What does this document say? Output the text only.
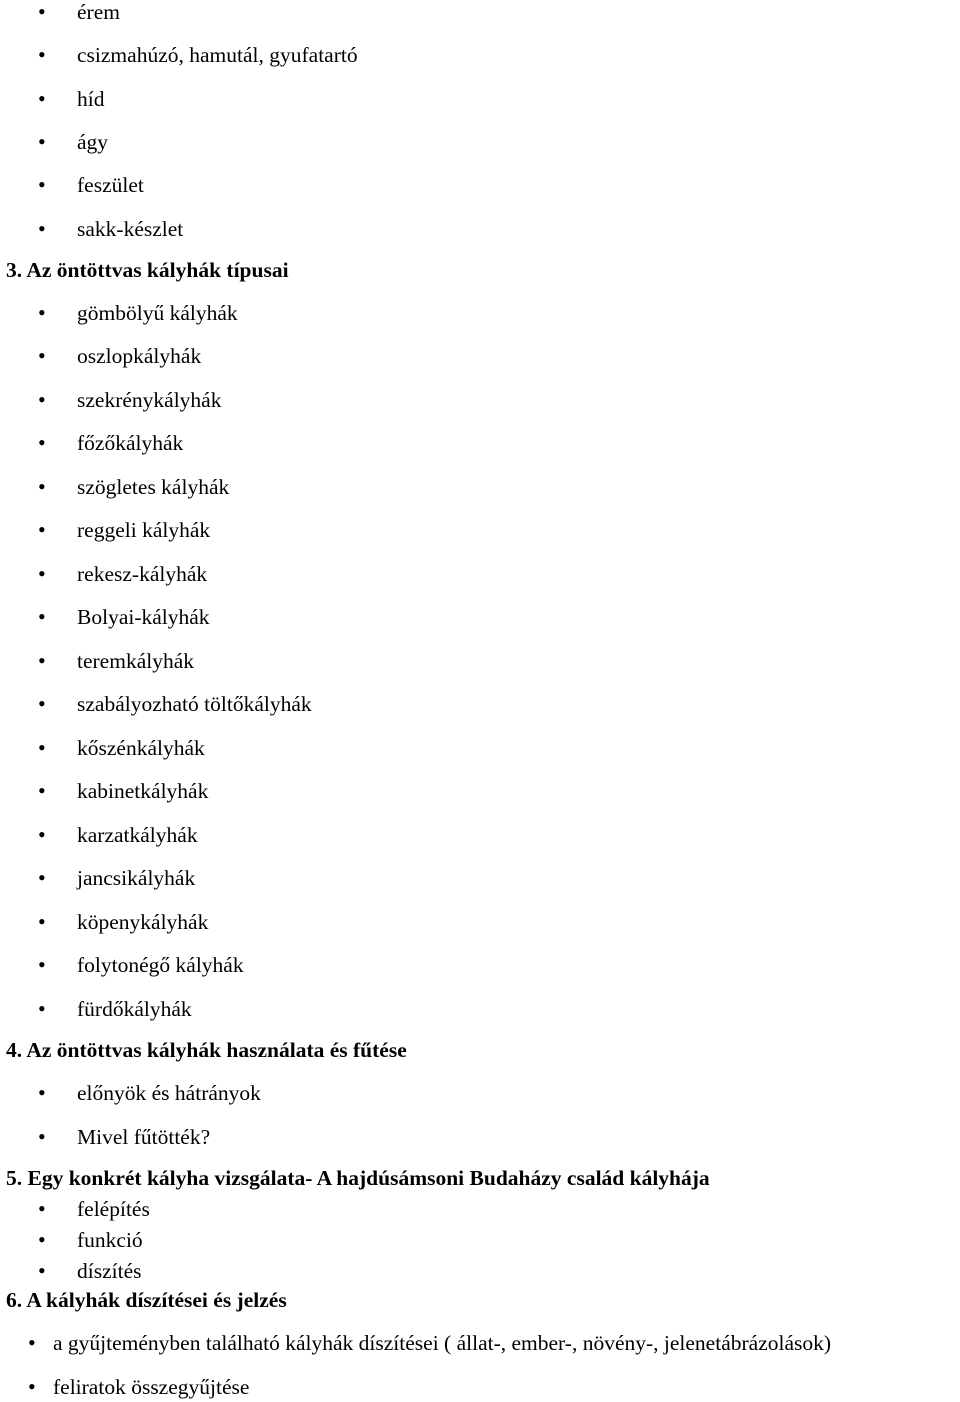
• érem
• csizmahúzó, hamutál, gyufatartó
• híd
• ágy
• feszület
• sakk-készlet
3. Az öntöttvas kályhák típusai
• gömbölyű kályhák
• oszlopkályhák
• szekrénykályhák
• főzőkályhák
• szögletes kályhák
• reggeli kályhák
• rekesz-kályhák
• Bolyai-kályhák
• teremkályhák
• szabályozható töltőkályhák
• kőszénkályhák
• kabinetkályhák
• karzatkályhák
• jancsikályhák
• köpenykályhák
• folytonégő kályhák
• fürdőkályhák
4. Az öntöttvas kályhák használata és fűtése
• előnyök és hátrányok
• Mivel fűtötték?
5. Egy konkrét kályha vizsgálata- A hajdúsámsoni Budaházy család kályhája
• felépítés
• funkció
• díszítés
6. A kályhák díszítései és jelzés
• a gyűjteményben található kályhák díszítései ( állat-, ember-, növény-, jelenetábrázolások)
• feliratok összegyűjtése
